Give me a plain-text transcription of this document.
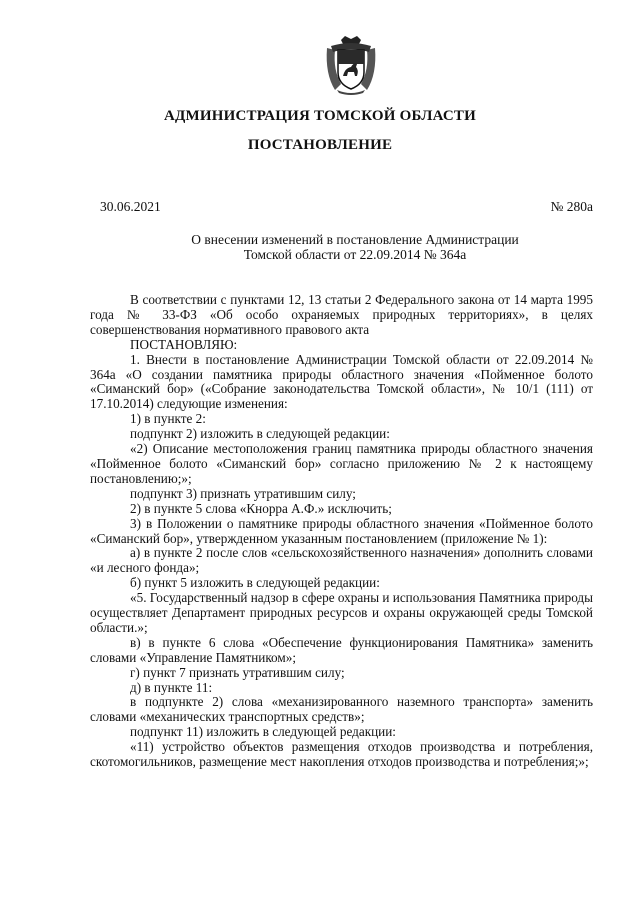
АДМИНИСТРАЦИЯ ТОМСКОЙ ОБЛАСТИ
ПОСТАНОВЛЕНИЕ
30.06.2021	№ 280а
О внесении изменений в постановление Администрации
Томской области от 22.09.2014 № 364а

В соответствии с пунктами 12, 13 статьи 2 Федерального закона от 14 марта 1995 года № 33-ФЗ «Об особо охраняемых природных территориях», в целях совершенствования нормативного правового акта

ПОСТАНОВЛЯЮ:

1. Внести в постановление Администрации Томской области от 22.09.2014 № 364а «О создании памятника природы областного значения «Пойменное болото «Симанский бор» («Собрание законодательства Томской области», № 10/1 (111) от 17.10.2014) следующие изменения:

1) в пункте 2:

подпункт 2) изложить в следующей редакции:

«2) Описание местоположения границ памятника природы областного значения «Пойменное болото «Симанский бор» согласно приложению № 2 к настоящему постановлению;»;

подпункт 3) признать утратившим силу;

2) в пункте 5 слова «Кнорра А.Ф.» исключить;

3) в Положении о памятнике природы областного значения «Пойменное болото «Симанский бор», утвержденном указанным постановлением (приложение № 1):

а) в пункте 2 после слов «сельскохозяйственного назначения» дополнить словами «и лесного фонда»;

б) пункт 5 изложить в следующей редакции:

«5. Государственный надзор в сфере охраны и использования Памятника природы осуществляет Департамент природных ресурсов и охраны окружающей среды Томской области.»;

в) в пункте 6 слова «Обеспечение функционирования Памятника» заменить словами «Управление Памятником»;

г) пункт 7 признать утратившим силу;

д) в пункте 11:

в подпункте 2) слова «механизированного наземного транспорта» заменить словами «механических транспортных средств»;

подпункт 11) изложить в следующей редакции:

«11) устройство объектов размещения отходов производства и потребления, скотомогильников, размещение мест накопления отходов производства и потребления;»;
